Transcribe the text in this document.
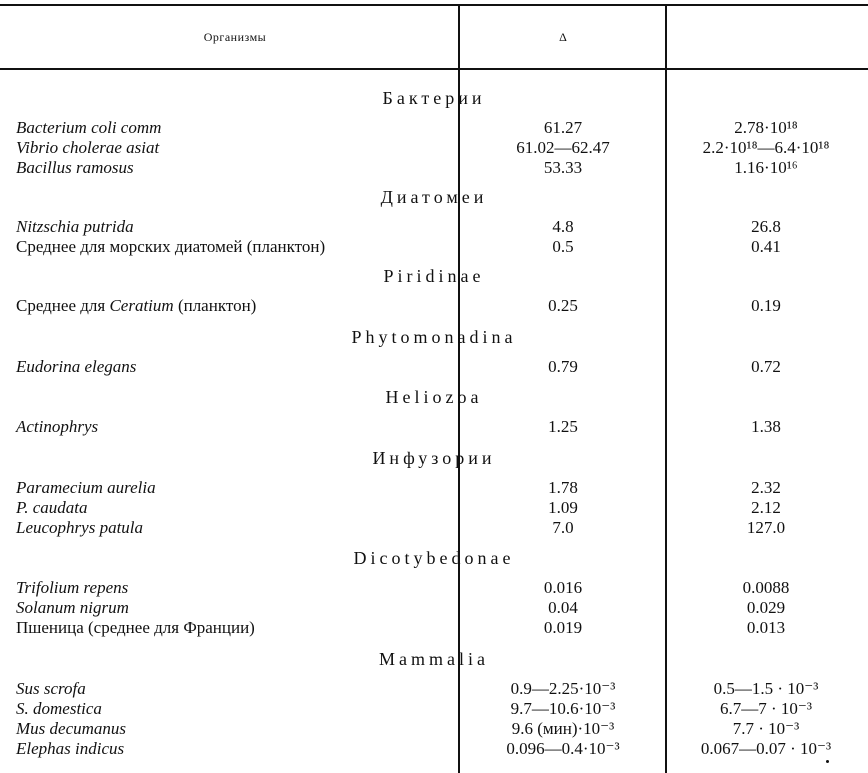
Организмы	Δ
Бактерии
Bacterium coli comm	61.27	2.78·10¹⁸
Vibrio cholerae asiat	61.02—62.47	2.2·10¹⁸—6.4·10¹⁸
Bacillus ramosus	53.33	1.16·10¹⁶
Диатомеи
Nitzschia putrida	4.8	26.8
Среднее для морских диатомей (планктон)	0.5	0.41
Piridinae
Среднее для Ceratium (планктон)	0.25	0.19
Phytomonadina
Eudorina elegans	0.79	0.72
Heliozoa
Actinophrys	1.25	1.38
Инфузории
Paramecium aurelia	1.78	2.32
P. caudata	1.09	2.12
Leucophrys patula	7.0	127.0
Dicotybedonae
Trifolium repens	0.016	0.0088
Solanum nigrum	0.04	0.029
Пшеница (среднее для Франции)	0.019	0.013
Mammalia
Sus scrofa	0.9—2.25·10⁻³	0.5—1.5 · 10⁻³
S. domestica	9.7—10.6·10⁻³	6.7—7 · 10⁻³
Mus decumanus	9.6 (мин)·10⁻³	7.7 · 10⁻³
Elephas indicus	0.096—0.4·10⁻³	0.067—0.07 · 10⁻³
